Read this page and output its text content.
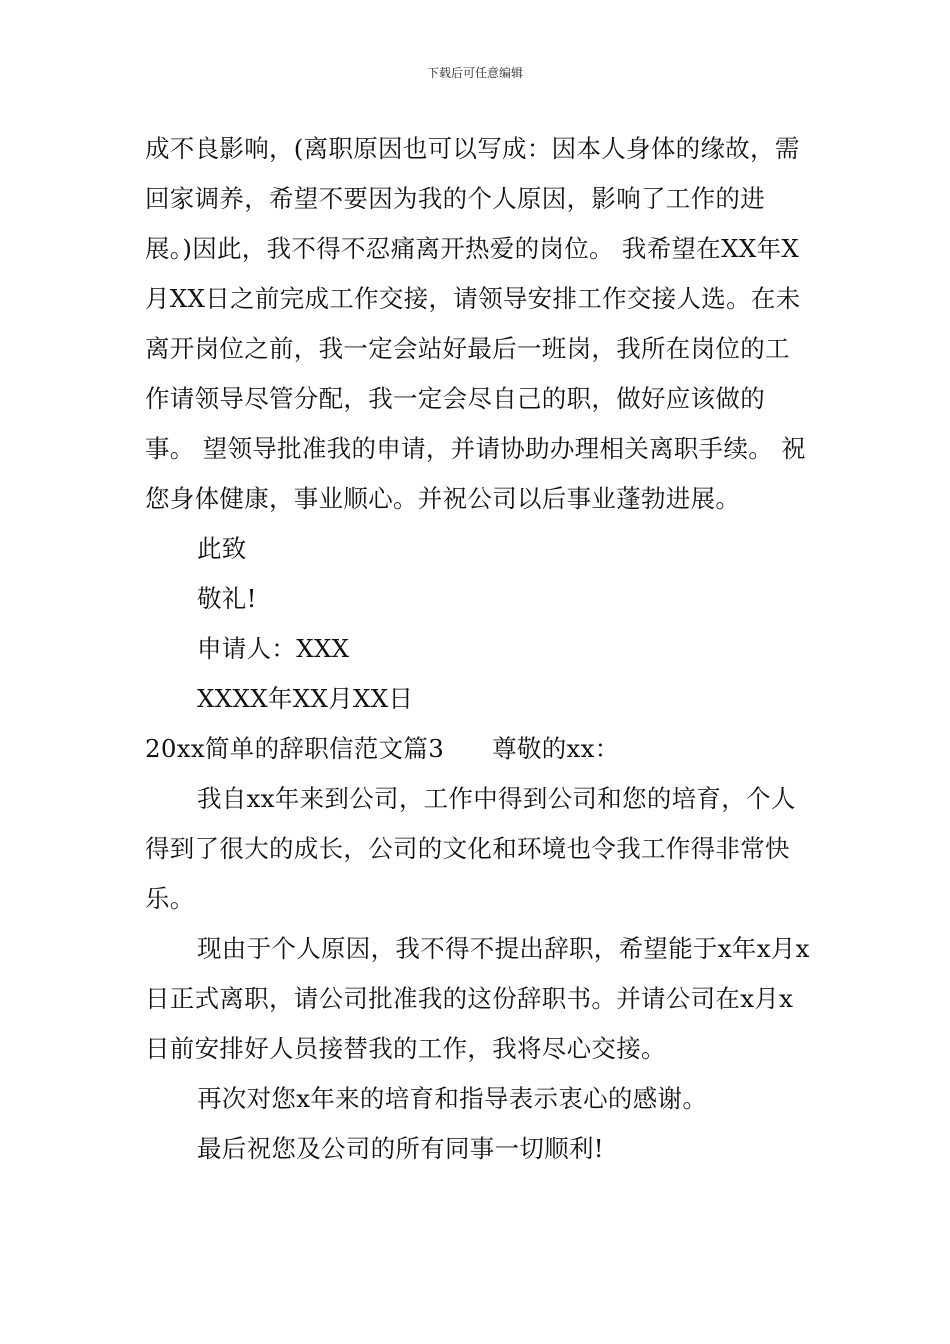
下载后可任意编辑

成不良影响，(离职原因也可以写成：因本人身体的缘故，需回家调养，希望不要因为我的个人原因，影响了工作的进展。)因此，我不得不忍痛离开热爱的岗位。 我希望在XX年X月XX日之前完成工作交接，请领导安排工作交接人选。在未离开岗位之前，我一定会站好最后一班岗，我所在岗位的工作请领导尽管分配，我一定会尽自己的职，做好应该做的事。 望领导批准我的申请，并请协助办理相关离职手续。 祝您身体健康，事业顺心。并祝公司以后事业蓬勃进展。

此致

敬礼!

申请人：XXX

XXXX年XX月XX日

20xx简单的辞职信范文篇3 尊敬的xx：

我自xx年来到公司，工作中得到公司和您的培育，个人得到了很大的成长，公司的文化和环境也令我工作得非常快乐。

现由于个人原因，我不得不提出辞职，希望能于x年x月x日正式离职，请公司批准我的这份辞职书。并请公司在x月x日前安排好人员接替我的工作，我将尽心交接。

再次对您x年来的培育和指导表示衷心的感谢。

最后祝您及公司的所有同事一切顺利!
